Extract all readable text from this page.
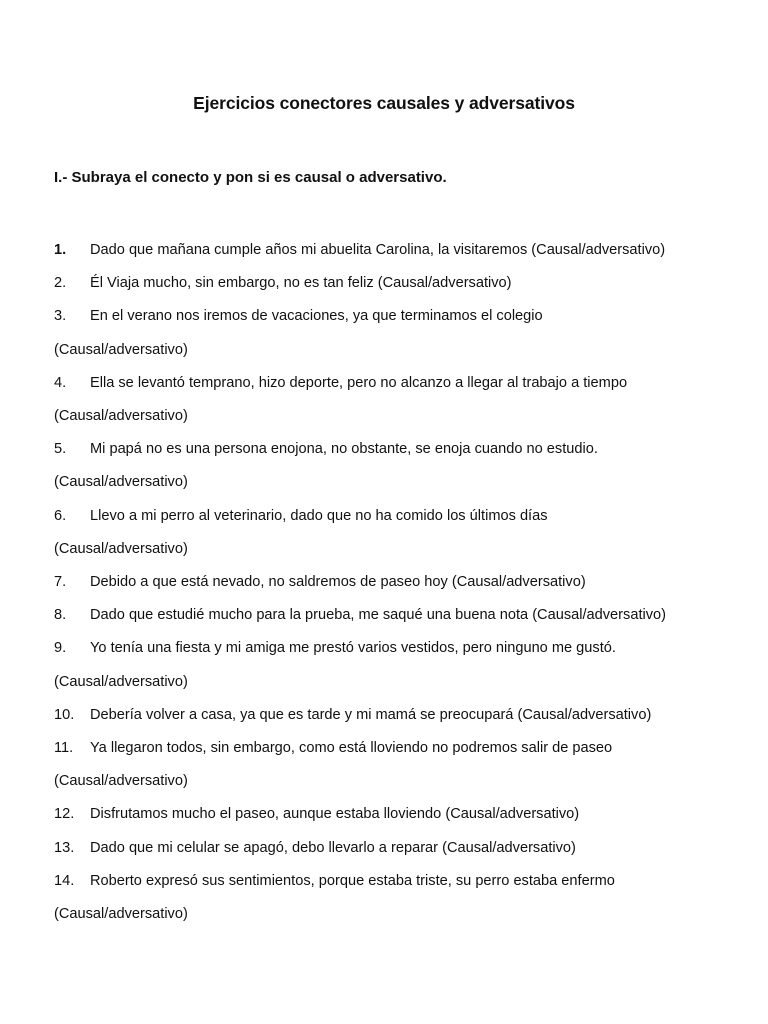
Ejercicios conectores causales y adversativos
I.- Subraya el conecto y pon si es causal o adversativo.
1. Dado que mañana cumple años mi abuelita Carolina, la visitaremos (Causal/adversativo)
2. Él Viaja mucho, sin embargo, no es tan feliz (Causal/adversativo)
3. En el verano nos iremos de vacaciones, ya que terminamos el colegio
(Causal/adversativo)
4. Ella se levantó temprano, hizo deporte, pero no alcanzo a llegar al trabajo a tiempo
(Causal/adversativo)
5. Mi papá no es una persona enojona, no obstante, se enoja cuando no estudio.
(Causal/adversativo)
6. Llevo a mi perro al veterinario, dado que no ha comido los últimos días
(Causal/adversativo)
7. Debido a que está nevado, no saldremos de paseo hoy (Causal/adversativo)
8. Dado que estudié mucho para la prueba, me saqué una buena nota (Causal/adversativo)
9. Yo tenía una fiesta y mi amiga me prestó varios vestidos, pero ninguno me gustó.
(Causal/adversativo)
10. Debería volver a casa, ya que es tarde y mi mamá se preocupará (Causal/adversativo)
11. Ya llegaron todos, sin embargo, como está lloviendo no podremos salir de paseo
(Causal/adversativo)
12. Disfrutamos mucho el paseo, aunque estaba lloviendo (Causal/adversativo)
13. Dado que mi celular se apagó, debo llevarlo a reparar (Causal/adversativo)
14. Roberto expresó sus sentimientos, porque estaba triste, su perro estaba enfermo
(Causal/adversativo)
